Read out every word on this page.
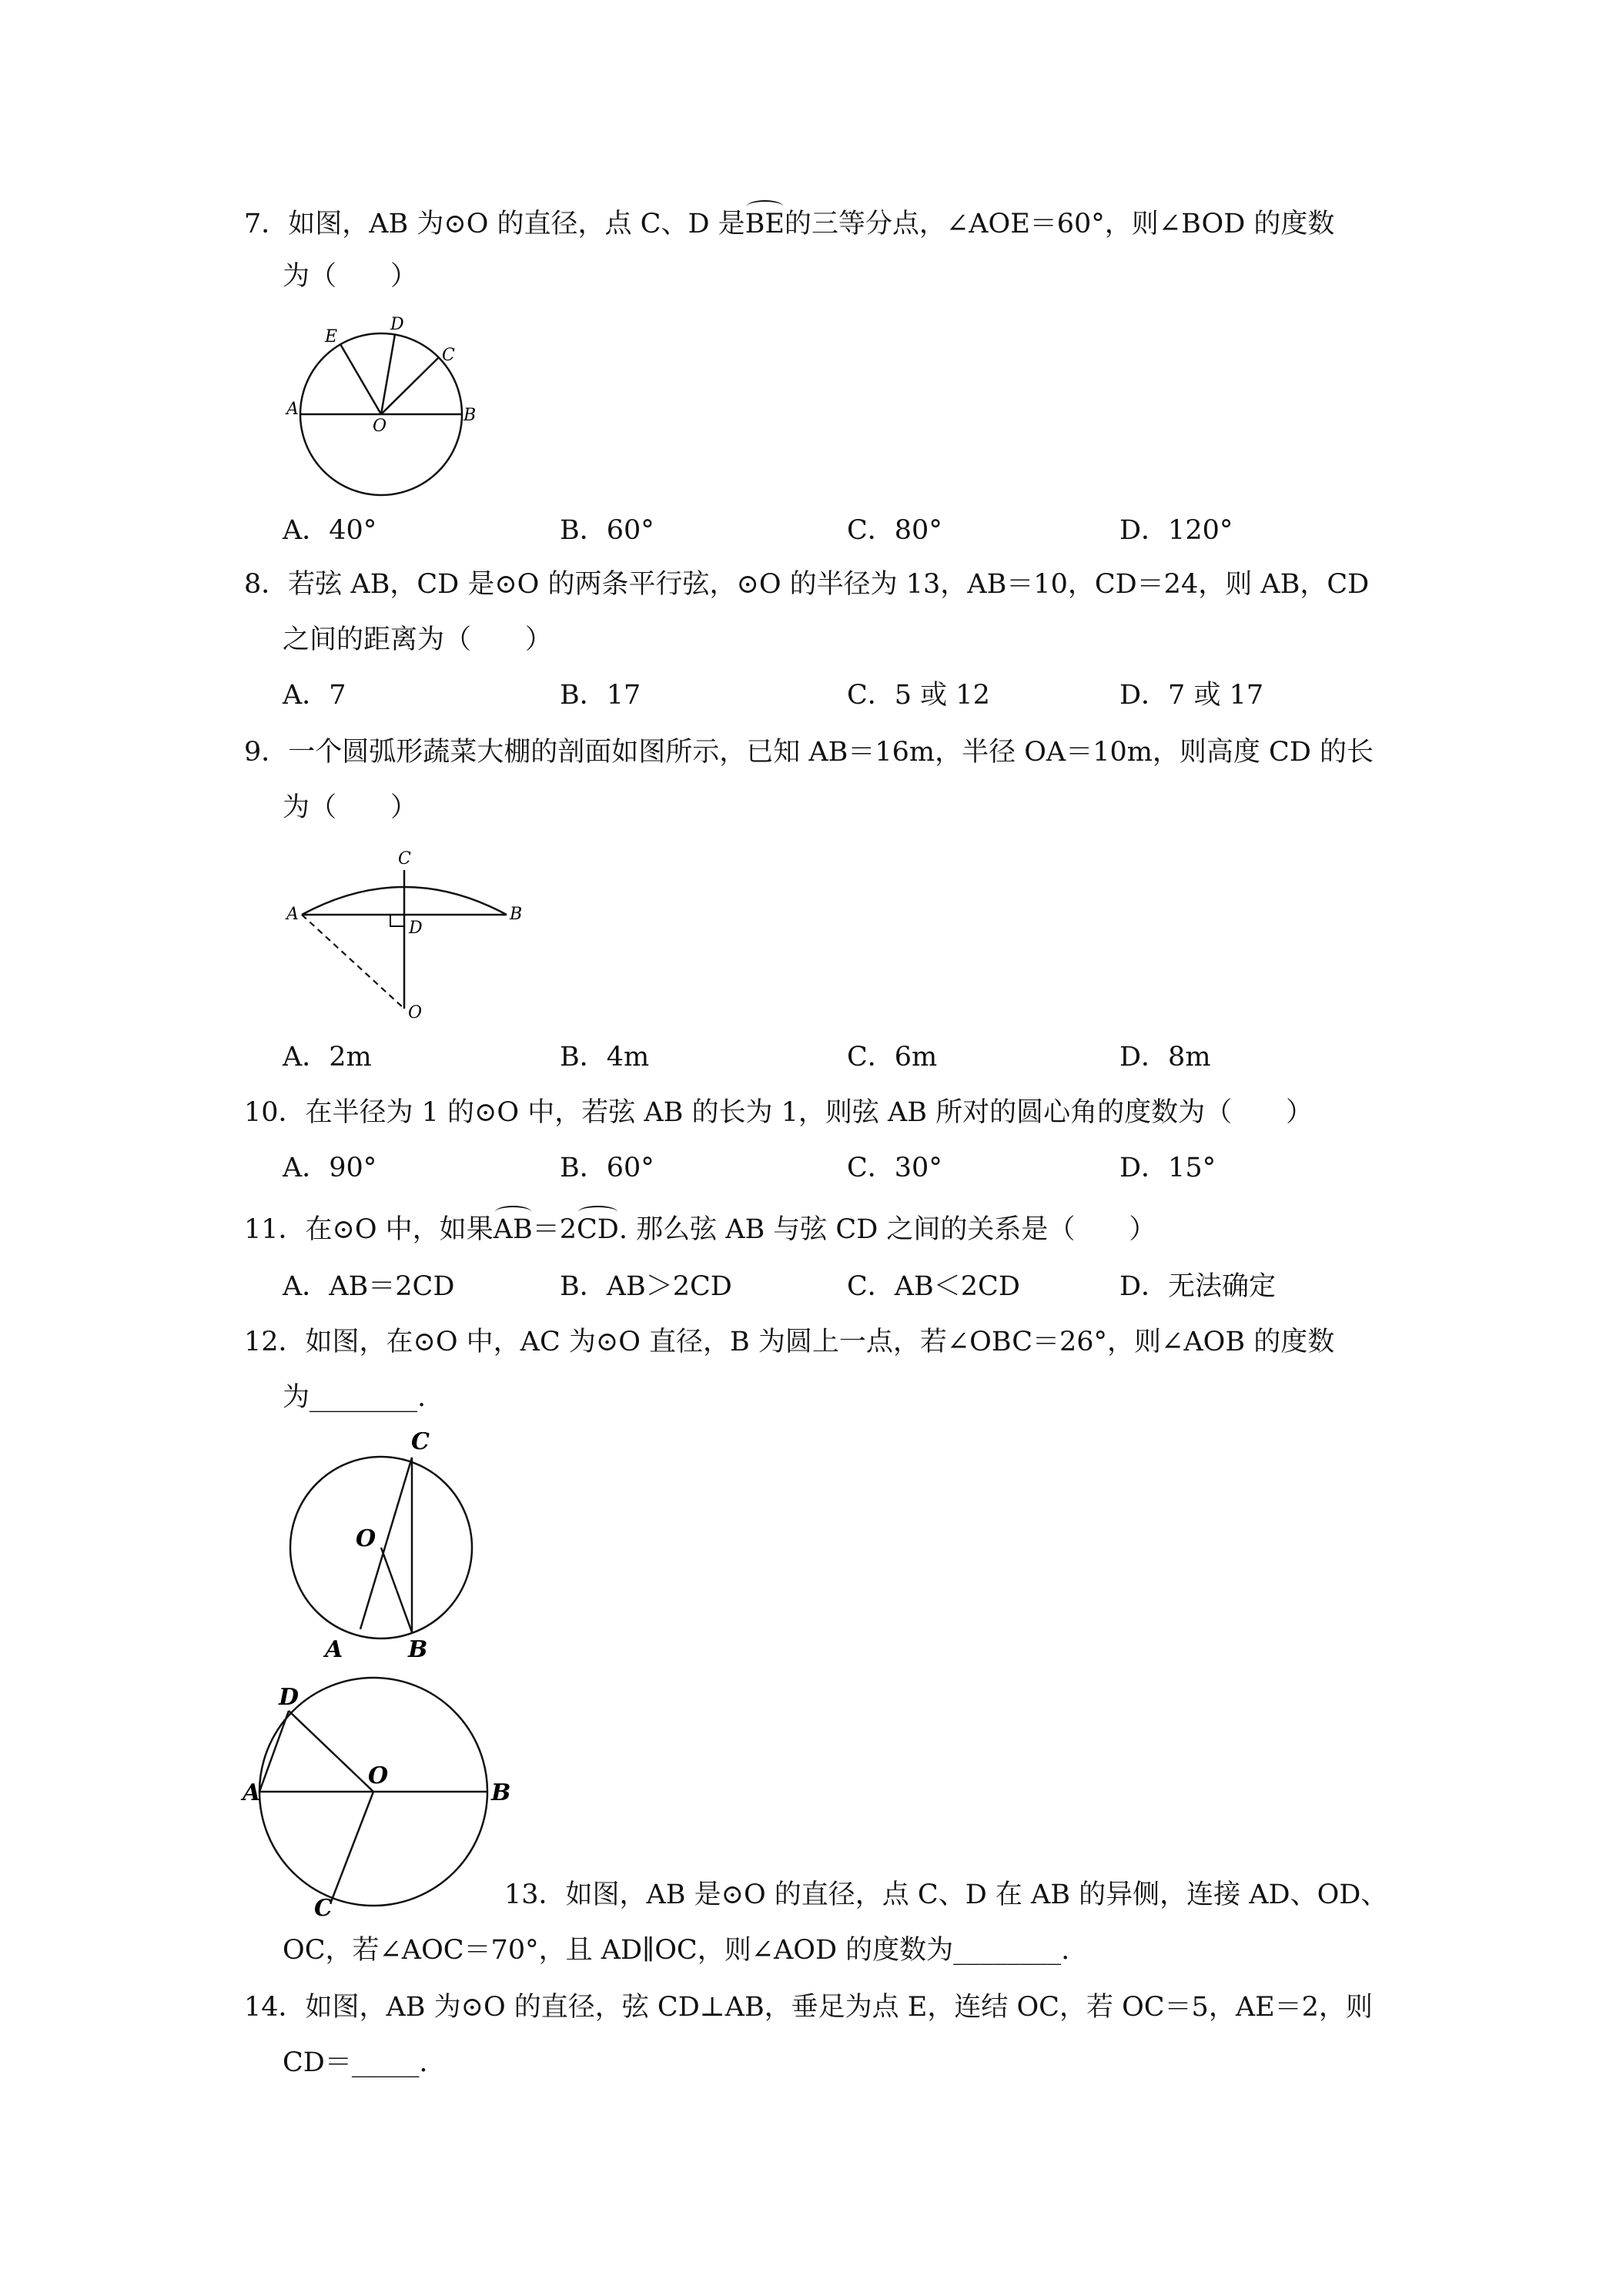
7．如图，AB 为⊙O 的直径，点 C、D 是BE的三等分点，∠AOE＝60°，则∠BOD 的度数
为（　　）
A
O
B
E
D
C
A．40°	B．60°	C．80°	D．120°
8．若弦 AB，CD 是⊙O 的两条平行弦，⊙O 的半径为 13，AB＝10，CD＝24，则 AB，CD
之间的距离为（　　）
A．7	B．17	C．5 或 12	D．7 或 17
9．一个圆弧形蔬菜大棚的剖面如图所示，已知 AB＝16m，半径 OA＝10m，则高度 CD 的长
为（　　）
C
A	B
D
O
A．2m	B．4m	C．6m	D．8m
10．在半径为 1 的⊙O 中，若弦 AB 的长为 1，则弦 AB 所对的圆心角的度数为（　　）
A．90°	B．60°	C．30°	D．15°
11．在⊙O 中，如果AB＝2CD. 那么弦 AB 与弦 CD 之间的关系是（　　）
A．AB＝2CD	B．AB＞2CD	C．AB＜2CD	D．无法确定
12．如图，在⊙O 中，AC 为⊙O 直径，B 为圆上一点，若∠OBC＝26°，则∠AOB 的度数
为________.
C
O
A	B
D
O
A	B
C	13．如图，AB 是⊙O 的直径，点 C、D 在 AB 的异侧，连接 AD、OD、
OC，若∠AOC＝70°，且 AD∥OC，则∠AOD 的度数为________.
14．如图，AB 为⊙O 的直径，弦 CD⊥AB，垂足为点 E，连结 OC，若 OC＝5，AE＝2，则
CD＝_____.
